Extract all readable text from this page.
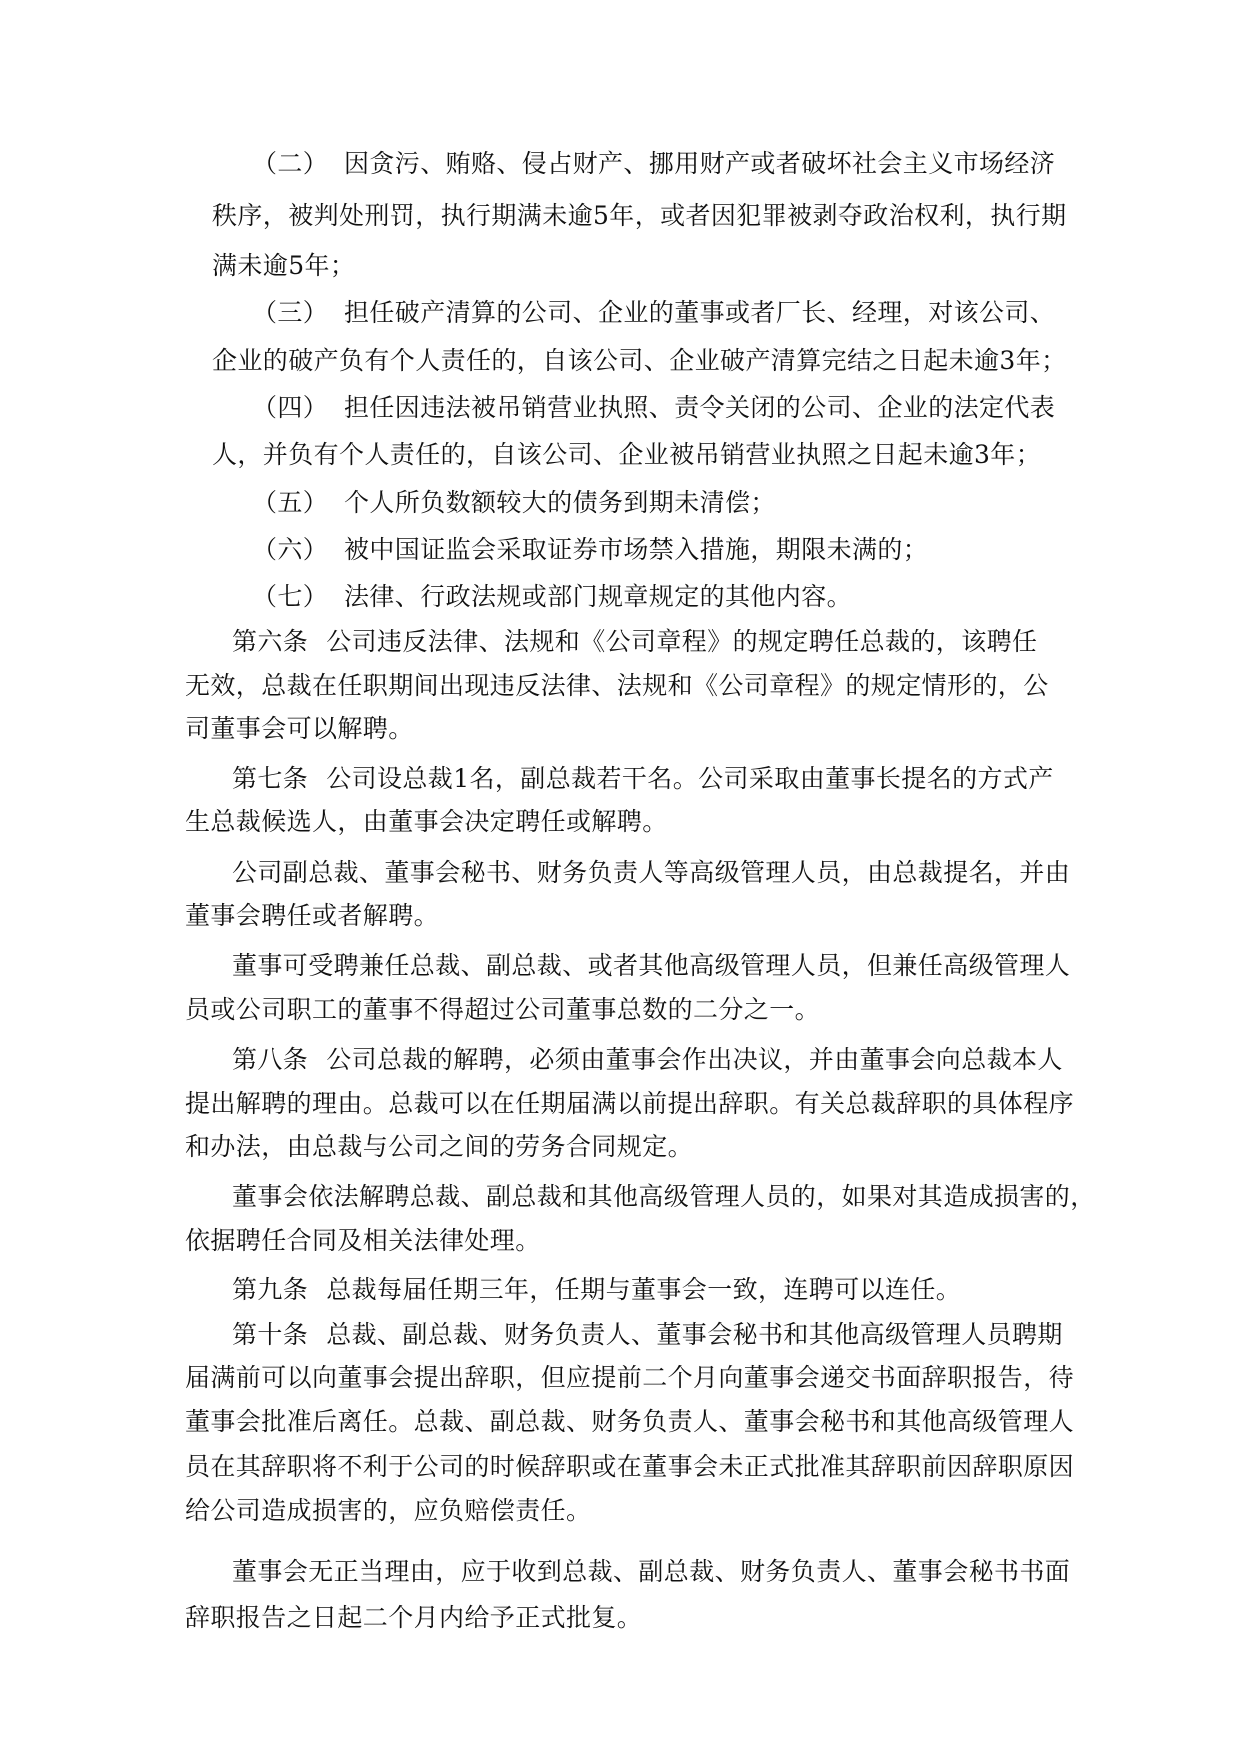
（二） 因贪污、贿赂、侵占财产、挪用财产或者破坏社会主义市场经济
秩序，被判处刑罚，执行期满未逾5年，或者因犯罪被剥夺政治权利，执行期
满未逾5年；
（三） 担任破产清算的公司、企业的董事或者厂长、经理，对该公司、
企业的破产负有个人责任的，自该公司、企业破产清算完结之日起未逾3年；
（四） 担任因违法被吊销营业执照、责令关闭的公司、企业的法定代表
人，并负有个人责任的，自该公司、企业被吊销营业执照之日起未逾3年；
（五） 个人所负数额较大的债务到期未清偿；
（六） 被中国证监会采取证券市场禁入措施，期限未满的；
（七） 法律、行政法规或部门规章规定的其他内容。
第六条 公司违反法律、法规和《公司章程》的规定聘任总裁的，该聘任
无效，总裁在任职期间出现违反法律、法规和《公司章程》的规定情形的，公
司董事会可以解聘。
第七条 公司设总裁1名，副总裁若干名。公司采取由董事长提名的方式产
生总裁候选人，由董事会决定聘任或解聘。
公司副总裁、董事会秘书、财务负责人等高级管理人员，由总裁提名，并由
董事会聘任或者解聘。
董事可受聘兼任总裁、副总裁、或者其他高级管理人员，但兼任高级管理人
员或公司职工的董事不得超过公司董事总数的二分之一。
第八条 公司总裁的解聘，必须由董事会作出决议，并由董事会向总裁本人
提出解聘的理由。总裁可以在任期届满以前提出辞职。有关总裁辞职的具体程序
和办法，由总裁与公司之间的劳务合同规定。
董事会依法解聘总裁、副总裁和其他高级管理人员的，如果对其造成损害的，
依据聘任合同及相关法律处理。
第九条 总裁每届任期三年，任期与董事会一致，连聘可以连任。
第十条 总裁、副总裁、财务负责人、董事会秘书和其他高级管理人员聘期
届满前可以向董事会提出辞职，但应提前二个月向董事会递交书面辞职报告，待
董事会批准后离任。总裁、副总裁、财务负责人、董事会秘书和其他高级管理人
员在其辞职将不利于公司的时候辞职或在董事会未正式批准其辞职前因辞职原因
给公司造成损害的，应负赔偿责任。
董事会无正当理由，应于收到总裁、副总裁、财务负责人、董事会秘书书面
辞职报告之日起二个月内给予正式批复。
